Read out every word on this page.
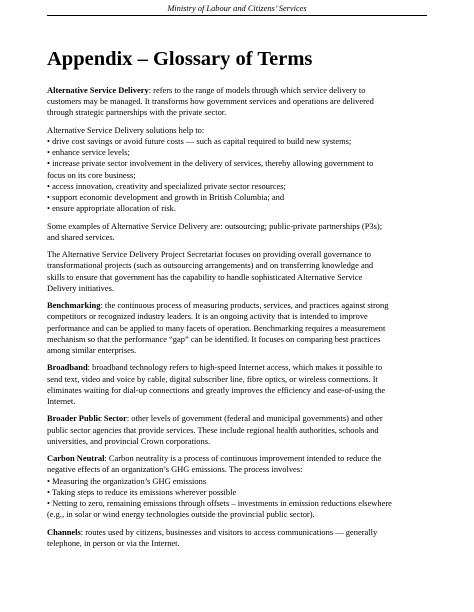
Ministry of Labour and Citizens’ Services
Appendix – Glossary of Terms

Alternative Service Delivery: refers to the range of models through which service delivery to
customers may be managed. It transforms how government services and operations are delivered
through strategic partnerships with the private sector.

Alternative Service Delivery solutions help to:

• drive cost savings or avoid future costs — such as capital required to build new systems;
• enhance service levels;
• increase private sector involvement in the delivery of services, thereby allowing government to
focus on its core business;
• access innovation, creativity and specialized private sector resources;
• support economic development and growth in British Columbia; and
• ensure appropriate allocation of risk.

Some examples of Alternative Service Delivery are: outsourcing; public-private partnerships (P3s);
and shared services.

The Alternative Service Delivery Project Secretariat focuses on providing overall governance to
transformational projects (such as outsourcing arrangements) and on transferring knowledge and
skills to ensure that government has the capability to handle sophisticated Alternative Service
Delivery initiatives.

Benchmarking: the continuous process of measuring products, services, and practices against strong
competitors or recognized industry leaders. It is an ongoing activity that is intended to improve
performance and can be applied to many facets of operation. Benchmarking requires a measurement
mechanism so that the performance “gap” can be identified. It focuses on comparing best practices
among similar enterprises.

Broadband: broadband technology refers to high-speed Internet access, which makes it possible to
send text, video and voice by cable, digital subscriber line, fibre optics, or wireless connections. It
eliminates waiting for dial-up connections and greatly improves the efficiency and ease-of-using the
Internet.

Broader Public Sector: other levels of government (federal and municipal governments) and other
public sector agencies that provide services. These include regional health authorities, schools and
universities, and provincial Crown corporations.

Carbon Neutral: Carbon neutrality is a process of continuous improvement intended to reduce the
negative effects of an organization’s GHG emissions. The process involves:
• Measuring the organization’s GHG emissions
• Taking steps to reduce its emissions wherever possible
• Netting to zero, remaining emissions through offsets – investments in emission reductions elsewhere
(e.g., in solar or wind energy technologies outside the provincial public sector).

Channels: routes used by citizens, businesses and visitors to access communications — generally
telephone, in person or via the Internet.
